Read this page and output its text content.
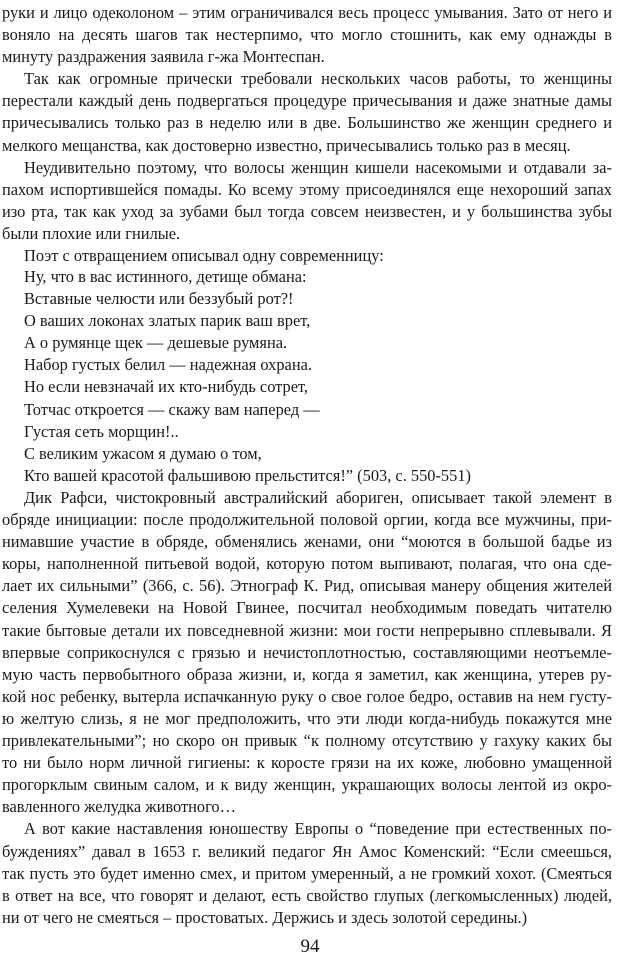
руки и лицо одеколоном – этим ограничивался весь процесс умывания. Зато от него и
воняло на десять шагов так нестерпимо, что могло стошнить, как ему однажды в
минуту раздражения заявила г-жа Монтеспан.
Так как огромные прически требовали нескольких часов работы, то женщины
перестали каждый день подвергаться процедуре причесывания и даже знатные дамы
причесывались только раз в неделю или в две. Большинство же женщин среднего и
мелкого мещанства, как достоверно известно, причесывались только раз в месяц.
Неудивительно поэтому, что волосы женщин кишели насекомыми и отдавали за-
пахом испортившейся помады. Ко всему этому присоединялся еще нехороший запах
изо рта, так как уход за зубами был тогда совсем неизвестен, и у большинства зубы
были плохие или гнилые.
Поэт с отвращением описывал одну современницу:
Ну, что в вас истинного, детище обмана:
Вставные челюсти или беззубый рот?!
О ваших локонах златых парик ваш врет,
А о румянце щек — дешевые румяна.
Набор густых белил — надежная охрана.
Но если невзначай их кто-нибудь сотрет,
Тотчас откроется — скажу вам наперед —
Густая сеть морщин!..
С великим ужасом я думаю о том,
Кто вашей красотой фальшивою прельстится!” (503, с. 550-551)
Дик Рафси, чистокровный австралийский абориген, описывает такой элемент в
обряде инициации: после продолжительной половой оргии, когда все мужчины, при-
нимавшие участие в обряде, обменялись женами, они “моются в большой бадье из
коры, наполненной питьевой водой, которую потом выпивают, полагая, что она сде-
лает их сильными” (366, с. 56). Этнограф К. Рид, описывая манеру общения жителей
селения Хумелевеки на Новой Гвинее, посчитал необходимым поведать читателю
такие бытовые детали их повседневной жизни: мои гости непрерывно сплевывали. Я
впервые соприкоснулся с грязью и нечистоплотностью, составляющими неотъемле-
мую часть первобытного образа жизни, и, когда я заметил, как женщина, утерев ру-
кой нос ребенку, вытерла испачканную руку о свое голое бедро, оставив на нем густу-
ю желтую слизь, я не мог предположить, что эти люди когда-нибудь покажутся мне
привлекательными”; но скоро он привык “к полному отсутствию у гахуку каких бы
то ни было норм личной гигиены: к коросте грязи на их коже, любовно умащенной
прогорклым свиным салом, и к виду женщин, украшающих волосы лентой из окро-
вавленного желудка животного…
А вот какие наставления юношеству Европы о “поведение при естественных по-
буждениях” давал в 1653 г. великий педагог Ян Амос Коменский: “Если смеешься,
так пусть это будет именно смех, и притом умеренный, а не громкий хохот. (Смеяться
в ответ на все, что говорят и делают, есть свойство глупых (легкомысленных) людей,
ни от чего не смеяться – простоватых. Держись и здесь золотой середины.)
94
